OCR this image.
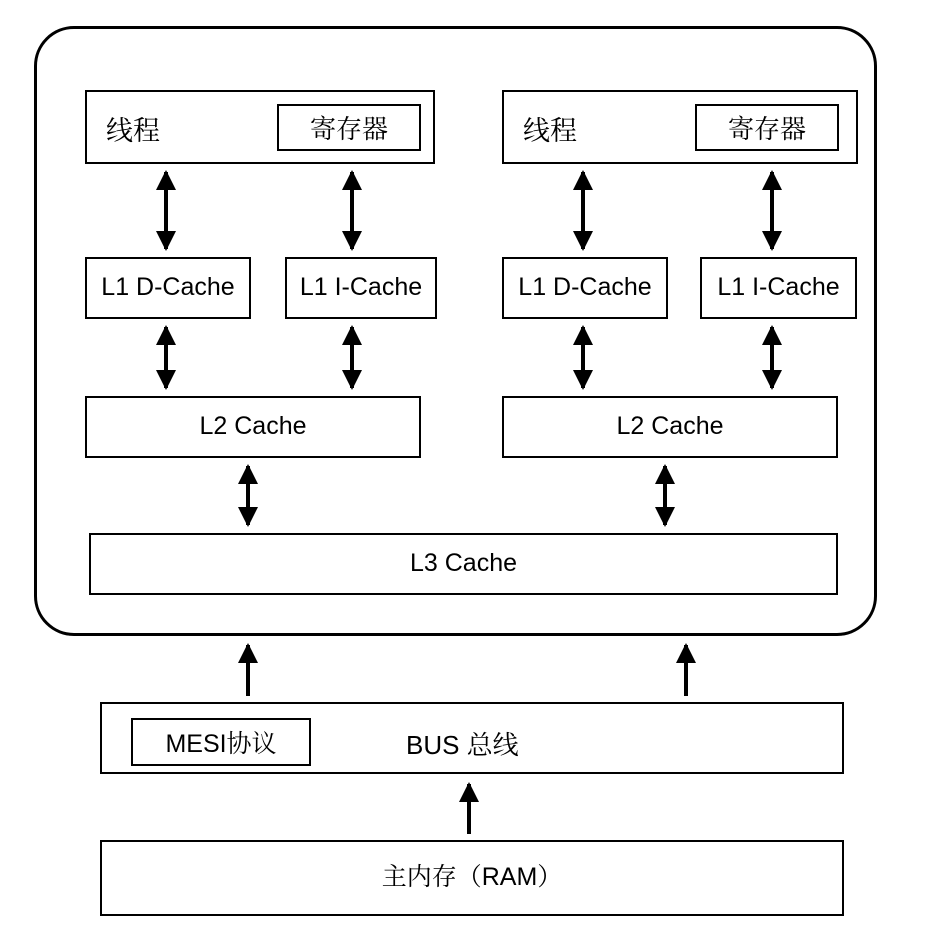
线程	寄存器
L1 D-Cache	L1 I-Cache
L2 Cache
线程	寄存器
L1 D-Cache	L1 I-Cache
L2 Cache
L3 Cache
MESI协议	BUS 总线
主内存（RAM）
